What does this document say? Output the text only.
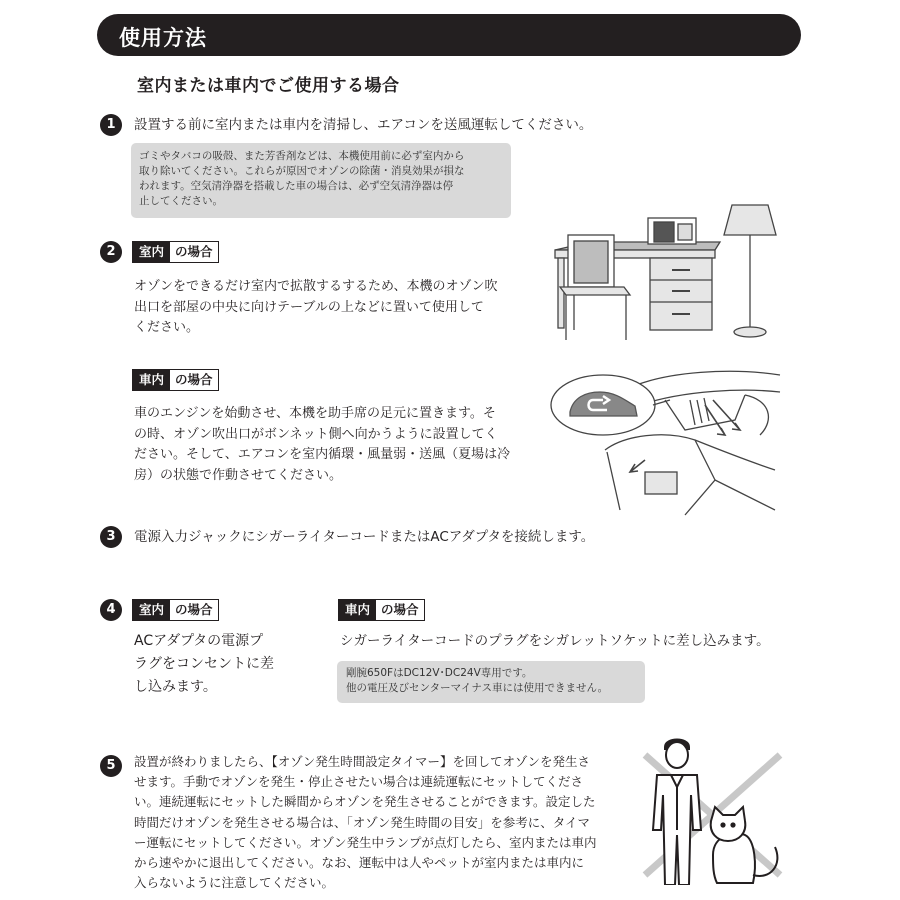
使用方法
室内または車内でご使用する場合
1	設置する前に室内または車内を清掃し、エアコンを送風運転してください。
ゴミやタバコの吸殻、また芳香剤などは、本機使用前に必ず室内から
取り除いてください。これらが原因でオゾンの除菌・消臭効果が損な
われます。空気清浄器を搭載した車の場合は、必ず空気清浄器は停
止してください。
2	室内 の場合
オゾンをできるだけ室内で拡散するするため、本機のオゾン吹
出口を部屋の中央に向けテーブルの上などに置いて使用して
ください。
車内 の場合
車のエンジンを始動させ、本機を助手席の足元に置きます。そ
の時、オゾン吹出口がボンネット側へ向かうように設置してく
ださい。そして、エアコンを室内循環・風量弱・送風（夏場は冷
房）の状態で作動させてください。
3	電源入力ジャックにシガーライターコードまたはACアダプタを接続します。
4	室内 の場合
ACアダプタの電源プ
ラグをコンセントに差
し込みます。
車内 の場合
シガーライターコードのプラグをシガレットソケットに差し込みます。
剛腕650FはDC12V･DC24V専用です。
他の電圧及びセンターマイナス車には使用できません。
5	設置が終わりましたら、【オゾン発生時間設定タイマー】を回してオゾンを発生さ
せます。手動でオゾンを発生・停止させたい場合は連続運転にセットしてくださ
い。連続運転にセットした瞬間からオゾンを発生させることができます。設定した
時間だけオゾンを発生させる場合は、「オゾン発生時間の目安」を参考に、タイマ
ー運転にセットしてください。オゾン発生中ランプが点灯したら、室内または車内
から速やかに退出してください。なお、運転中は人やペットが室内または車内に
入らないように注意してください。
